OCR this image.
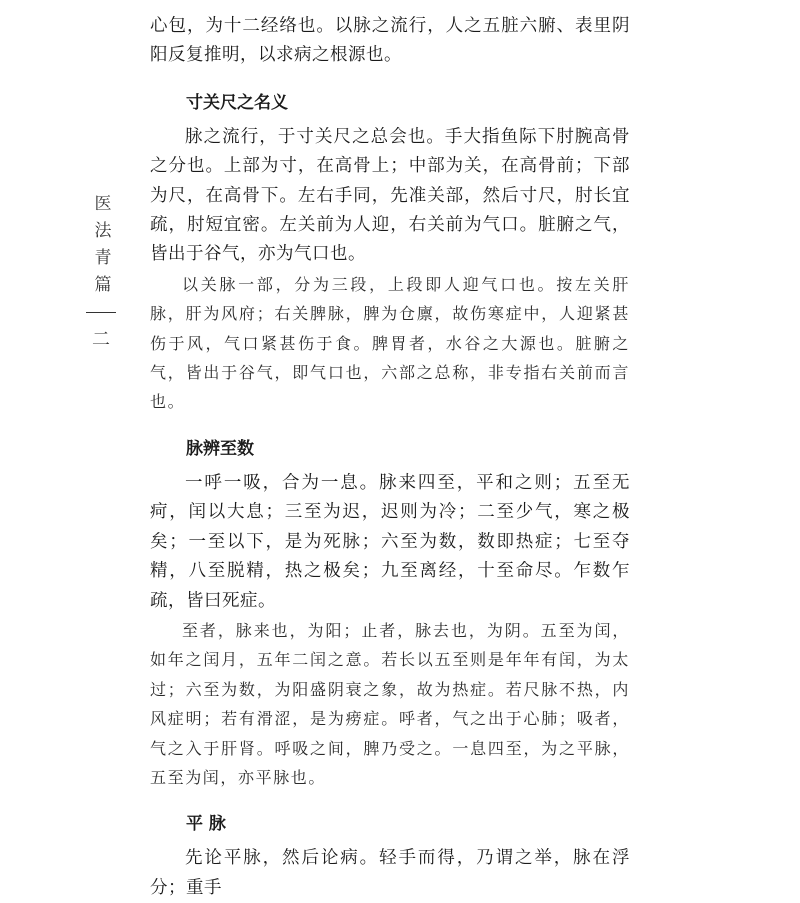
医法青篇
二

心包，为十二经络也。以脉之流行，人之五脏六腑、表里阴阳反复推明，以求病之根源也。

寸关尺之名义

脉之流行，于寸关尺之总会也。手大指鱼际下肘腕高骨之分也。上部为寸，在高骨上；中部为关，在高骨前；下部为尺，在高骨下。左右手同，先准关部，然后寸尺，肘长宜疏，肘短宜密。左关前为人迎，右关前为气口。脏腑之气，皆出于谷气，亦为气口也。

以关脉一部，分为三段，上段即人迎气口也。按左关肝脉，肝为风府；右关脾脉，脾为仓廪，故伤寒症中，人迎紧甚伤于风，气口紧甚伤于食。脾胃者，水谷之大源也。脏腑之气，皆出于谷气，即气口也，六部之总称，非专指右关前而言也。

脉辨至数

一呼一吸，合为一息。脉来四至，平和之则；五至无疴，闰以大息；三至为迟，迟则为冷；二至少气，寒之极矣；一至以下，是为死脉；六至为数，数即热症；七至夺精，八至脱精，热之极矣；九至离经，十至命尽。乍数乍疏，皆曰死症。

至者，脉来也，为阳；止者，脉去也，为阴。五至为闰，如年之闰月，五年二闰之意。若长以五至则是年年有闰，为太过；六至为数，为阳盛阴衰之象，故为热症。若尺脉不热，内风症明；若有滑涩，是为痨症。呼者，气之出于心肺；吸者，气之入于肝肾。呼吸之间，脾乃受之。一息四至，为之平脉，五至为闰，亦平脉也。

平 脉

先论平脉，然后论病。轻手而得，乃谓之举，脉在浮分；重手
